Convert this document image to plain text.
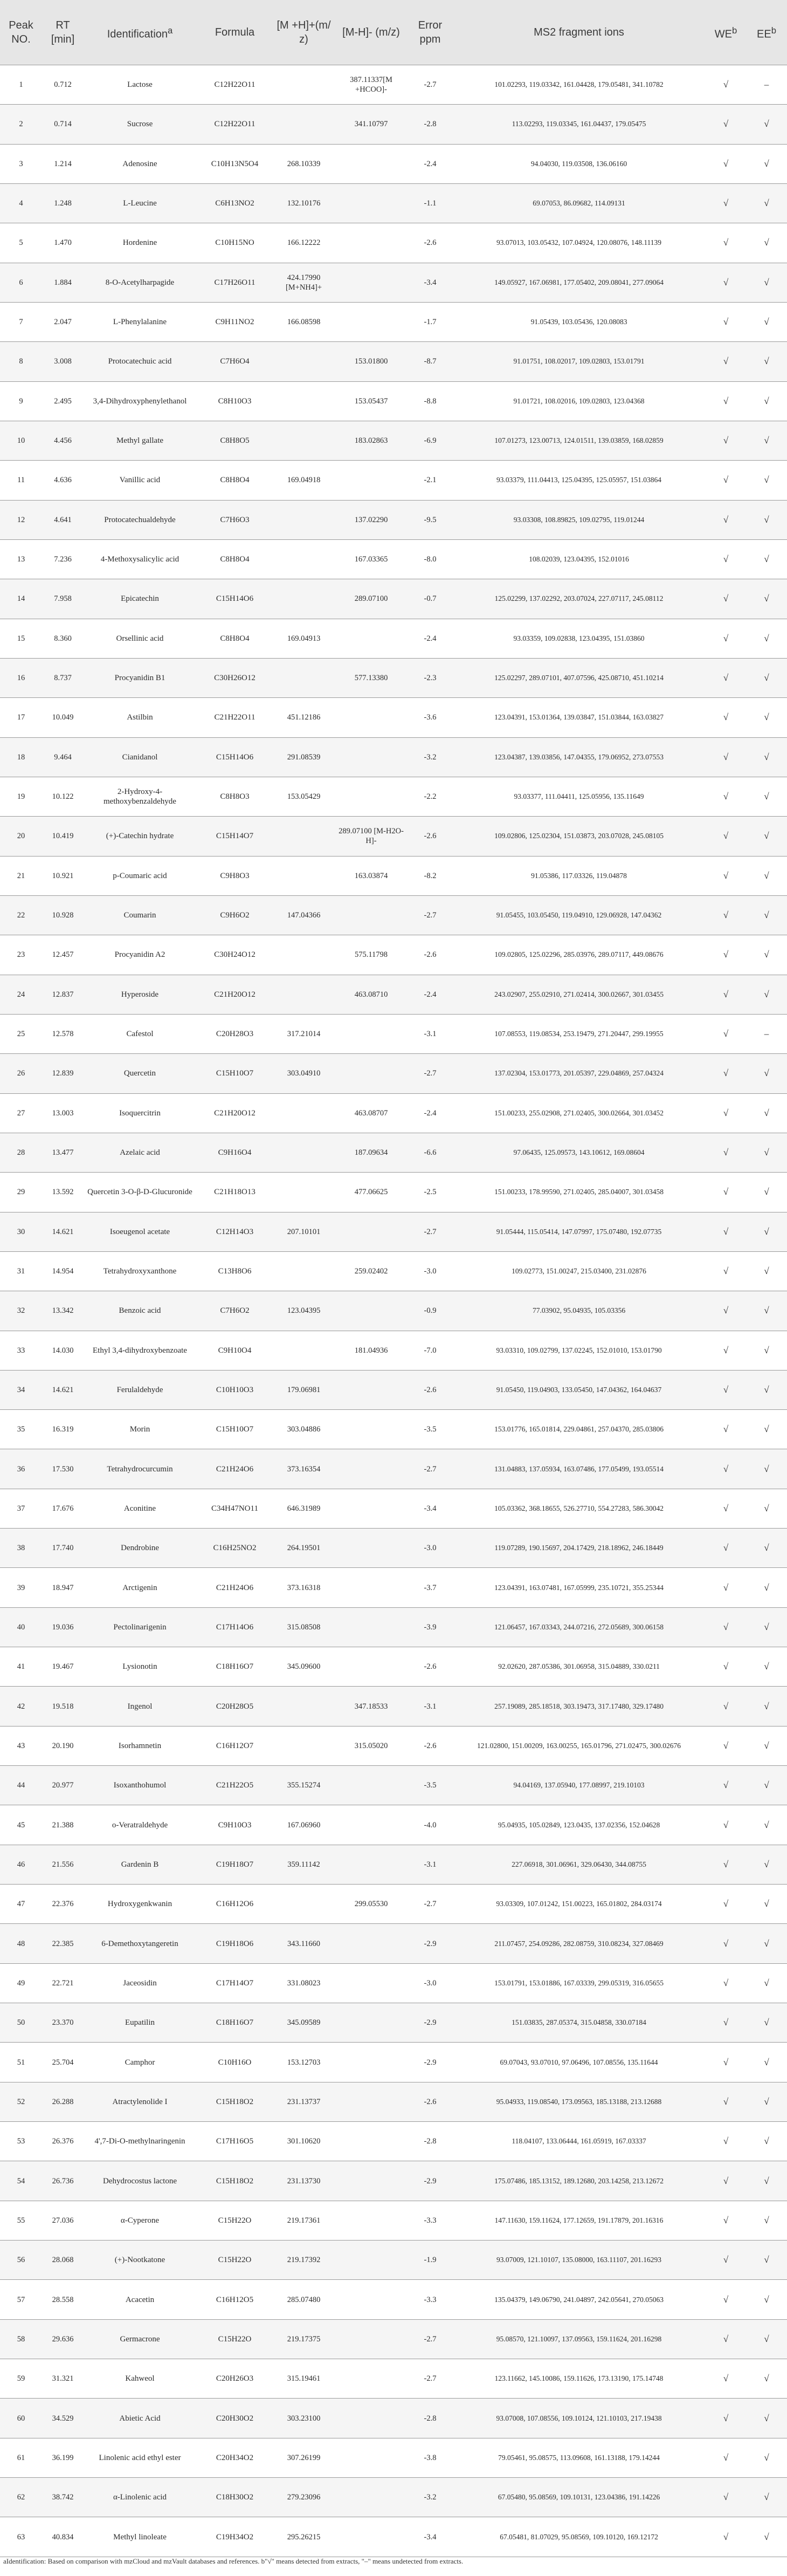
Peak NO.	RT [min]	Identification$^a$	Formula	[M +H]+(m/ z)	[M-H]- (m/z)	Error ppm	MS2 fragment ions	$WE^b$	$EE^b$
1	0.712	Lactose	C12H22O11		387.11337[M +HCOO]-	-2.7	101.02293, 119.03342, 161.04428, 179.05481, 341.10782	√	–
2	0.714	Sucrose	C12H22O11		341.10797	-2.8	113.02293, 119.03345, 161.04437, 179.05475	√	√
3	1.214	Adenosine	C10H13N5O4	268.10339		-2.4	94.04030, 119.03508, 136.06160	√	√
4	1.248	L-Leucine	C6H13NO2	132.10176		-1.1	69.07053, 86.09682, 114.09131	√	√
5	1.470	Hordenine	C10H15NO	166.12222		-2.6	93.07013, 103.05432, 107.04924, 120.08076, 148.11139	√	√
6	1.884	8-O-Acetylharpagide	C17H26O11	424.17990 [M+NH4]+		-3.4	149.05927, 167.06981, 177.05402, 209.08041, 277.09064	√	√
7	2.047	L-Phenylalanine	C9H11NO2	166.08598		-1.7	91.05439, 103.05436, 120.08083	√	√
8	3.008	Protocatechuic acid	C7H6O4		153.01800	-8.7	91.01751, 108.02017, 109.02803, 153.01791	√	√
9	2.495	3,4-Dihydroxyphenylethanol	C8H10O3		153.05437	-8.8	91.01721, 108.02016, 109.02803, 123.04368	√	√
10	4.456	Methyl gallate	C8H8O5		183.02863	-6.9	107.01273, 123.00713, 124.01511, 139.03859, 168.02859	√	√
11	4.636	Vanillic acid	C8H8O4	169.04918		-2.1	93.03379, 111.04413, 125.04395, 125.05957, 151.03864	√	√
12	4.641	Protocatechualdehyde	C7H6O3		137.02290	-9.5	93.03308, 108.89825, 109.02795, 119.01244	√	√
13	7.236	4-Methoxysalicylic acid	C8H8O4		167.03365	-8.0	108.02039, 123.04395, 152.01016	√	√
14	7.958	Epicatechin	C15H14O6		289.07100	-0.7	125.02299, 137.02292, 203.07024, 227.07117, 245.08112	√	√
15	8.360	Orsellinic acid	C8H8O4	169.04913		-2.4	93.03359, 109.02838, 123.04395, 151.03860	√	√
16	8.737	Procyanidin B1	C30H26O12		577.13380	-2.3	125.02297, 289.07101, 407.07596, 425.08710, 451.10214	√	√
17	10.049	Astilbin	C21H22O11	451.12186		-3.6	123.04391, 153.01364, 139.03847, 151.03844, 163.03827	√	√
18	9.464	Cianidanol	C15H14O6	291.08539		-3.2	123.04387, 139.03856, 147.04355, 179.06952, 273.07553	√	√
19	10.122	2-Hydroxy-4-methoxybenzaldehyde	C8H8O3	153.05429		-2.2	93.03377, 111.04411, 125.05956, 135.11649	√	√
20	10.419	(+)-Catechin hydrate	C15H14O7		289.07100 [M-H2O-H]-	-2.6	109.02806, 125.02304, 151.03873, 203.07028, 245.08105	√	√
21	10.921	p-Coumaric acid	C9H8O3		163.03874	-8.2	91.05386, 117.03326, 119.04878	√	√
22	10.928	Coumarin	C9H6O2	147.04366		-2.7	91.05455, 103.05450, 119.04910, 129.06928, 147.04362	√	√
23	12.457	Procyanidin A2	C30H24O12		575.11798	-2.6	109.02805, 125.02296, 285.03976, 289.07117, 449.08676	√	√
24	12.837	Hyperoside	C21H20O12		463.08710	-2.4	243.02907, 255.02910, 271.02414, 300.02667, 301.03455	√	√
25	12.578	Cafestol	C20H28O3	317.21014		-3.1	107.08553, 119.08534, 253.19479, 271.20447, 299.19955	√	–
26	12.839	Quercetin	C15H10O7	303.04910		-2.7	137.02304, 153.01773, 201.05397, 229.04869, 257.04324	√	√
27	13.003	Isoquercitrin	C21H20O12		463.08707	-2.4	151.00233, 255.02908, 271.02405, 300.02664, 301.03452	√	√
28	13.477	Azelaic acid	C9H16O4		187.09634	-6.6	97.06435, 125.09573, 143.10612, 169.08604	√	√
29	13.592	Quercetin 3-O-β-D-Glucuronide	C21H18O13		477.06625	-2.5	151.00233, 178.99590, 271.02405, 285.04007, 301.03458	√	√
30	14.621	Isoeugenol acetate	C12H14O3	207.10101		-2.7	91.05444, 115.05414, 147.07997, 175.07480, 192.07735	√	√
31	14.954	Tetrahydroxyxanthone	C13H8O6		259.02402	-3.0	109.02773, 151.00247, 215.03400, 231.02876	√	√
32	13.342	Benzoic acid	C7H6O2	123.04395		-0.9	77.03902, 95.04935, 105.03356	√	√
33	14.030	Ethyl 3,4-dihydroxybenzoate	C9H10O4		181.04936	-7.0	93.03310, 109.02799, 137.02245, 152.01010, 153.01790	√	√
34	14.621	Ferulaldehyde	C10H10O3	179.06981		-2.6	91.05450, 119.04903, 133.05450, 147.04362, 164.04637	√	√
35	16.319	Morin	C15H10O7	303.04886		-3.5	153.01776, 165.01814, 229.04861, 257.04370, 285.03806	√	√
36	17.530	Tetrahydrocurcumin	C21H24O6	373.16354		-2.7	131.04883, 137.05934, 163.07486, 177.05499, 193.05514	√	√
37	17.676	Aconitine	C34H47NO11	646.31989		-3.4	105.03362, 368.18655, 526.27710, 554.27283, 586.30042	√	√
38	17.740	Dendrobine	C16H25NO2	264.19501		-3.0	119.07289, 190.15697, 204.17429, 218.18962, 246.18449	√	√
39	18.947	Arctigenin	C21H24O6	373.16318		-3.7	123.04391, 163.07481, 167.05999, 235.10721, 355.25344	√	√
40	19.036	Pectolinarigenin	C17H14O6	315.08508		-3.9	121.06457, 167.03343, 244.07216, 272.05689, 300.06158	√	√
41	19.467	Lysionotin	C18H16O7	345.09600		-2.6	92.02620, 287.05386, 301.06958, 315.04889, 330.0211	√	√
42	19.518	Ingenol	C20H28O5		347.18533	-3.1	257.19089, 285.18518, 303.19473, 317.17480, 329.17480	√	√
43	20.190	Isorhamnetin	C16H12O7		315.05020	-2.6	121.02800, 151.00209, 163.00255, 165.01796, 271.02475, 300.02676	√	√
44	20.977	Isoxanthohumol	C21H22O5	355.15274		-3.5	94.04169, 137.05940, 177.08997, 219.10103	√	√
45	21.388	o-Veratraldehyde	C9H10O3	167.06960		-4.0	95.04935, 105.02849, 123.0435, 137.02356, 152.04628	√	√
46	21.556	Gardenin B	C19H18O7	359.11142		-3.1	227.06918, 301.06961, 329.06430, 344.08755	√	√
47	22.376	Hydroxygenkwanin	C16H12O6		299.05530	-2.7	93.03309, 107.01242, 151.00223, 165.01802, 284.03174	√	√
48	22.385	6-Demethoxytangeretin	C19H18O6	343.11660		-2.9	211.07457, 254.09286, 282.08759, 310.08234, 327.08469	√	√
49	22.721	Jaceosidin	C17H14O7	331.08023		-3.0	153.01791, 153.01886, 167.03339, 299.05319, 316.05655	√	√
50	23.370	Eupatilin	C18H16O7	345.09589		-2.9	151.03835, 287.05374, 315.04858, 330.07184	√	√
51	25.704	Camphor	C10H16O	153.12703		-2.9	69.07043, 93.07010, 97.06496, 107.08556, 135.11644	√	√
52	26.288	Atractylenolide I	C15H18O2	231.13737		-2.6	95.04933, 119.08540, 173.09563, 185.13188, 213.12688	√	√
53	26.376	4',7-Di-O-methylnaringenin	C17H16O5	301.10620		-2.8	118.04107, 133.06444, 161.05919, 167.03337	√	√
54	26.736	Dehydrocostus lactone	C15H18O2	231.13730		-2.9	175.07486, 185.13152, 189.12680, 203.14258, 213.12672	√	√
55	27.036	α-Cyperone	C15H22O	219.17361		-3.3	147.11630, 159.11624, 177.12659, 191.17879, 201.16316	√	√
56	28.068	(+)-Nootkatone	C15H22O	219.17392		-1.9	93.07009, 121.10107, 135.08000, 163.11107, 201.16293	√	√
57	28.558	Acacetin	C16H12O5	285.07480		-3.3	135.04379, 149.06790, 241.04897, 242.05641, 270.05063	√	√
58	29.636	Germacrone	C15H22O	219.17375		-2.7	95.08570, 121.10097, 137.09563, 159.11624, 201.16298	√	√
59	31.321	Kahweol	C20H26O3	315.19461		-2.7	123.11662, 145.10086, 159.11626, 173.13190, 175.14748	√	√
60	34.529	Abietic Acid	C20H30O2	303.23100		-2.8	93.07008, 107.08556, 109.10124, 121.10103, 217.19438	√	√
61	36.199	Linolenic acid ethyl ester	C20H34O2	307.26199		-3.8	79.05461, 95.08575, 113.09608, 161.13188, 179.14244	√	√
62	38.742	α-Linolenic acid	C18H30O2	279.23096		-3.2	67.05480, 95.08569, 109.10131, 123.04386, 191.14226	√	√
63	40.834	Methyl linoleate	C19H34O2	295.26215		-3.4	67.05481, 81.07029, 95.08569, 109.10120, 169.12172	√	√
aIdentification: Based on comparison with mzCloud and mzVault databases and references. b"√" means detected from extracts, "–" means undetected from extracts.
